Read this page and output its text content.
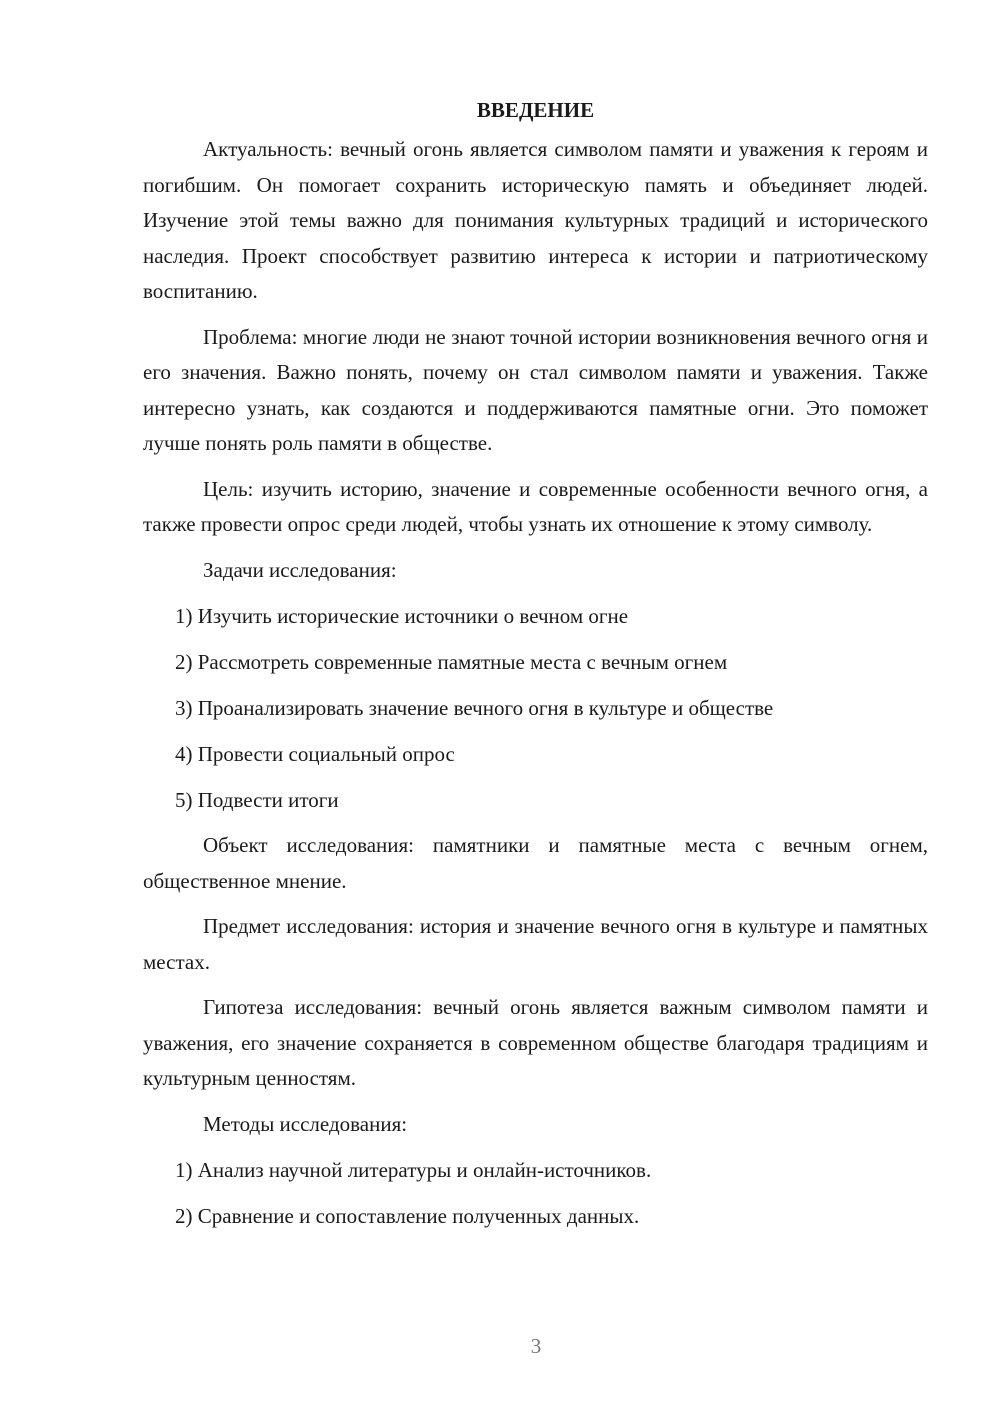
ВВЕДЕНИЕ

Актуальность: вечный огонь является символом памяти и уважения к героям и погибшим. Он помогает сохранить историческую память и объединяет людей. Изучение этой темы важно для понимания культурных традиций и исторического наследия. Проект способствует развитию интереса к истории и патриотическому воспитанию.

Проблема: многие люди не знают точной истории возникновения вечного огня и его значения. Важно понять, почему он стал символом памяти и уважения. Также интересно узнать, как создаются и поддерживаются памятные огни. Это поможет лучше понять роль памяти в обществе.

Цель: изучить историю, значение и современные особенности вечного огня, а также провести опрос среди людей, чтобы узнать их отношение к этому символу.

Задачи исследования:

1) Изучить исторические источники о вечном огне
2) Рассмотреть современные памятные места с вечным огнем
3) Проанализировать значение вечного огня в культуре и обществе
4) Провести социальный опрос
5) Подвести итоги

Объект исследования: памятники и памятные места с вечным огнем, общественное мнение.

Предмет исследования: история и значение вечного огня в культуре и памятных местах.

Гипотеза исследования: вечный огонь является важным символом памяти и уважения, его значение сохраняется в современном обществе благодаря традициям и культурным ценностям.

Методы исследования:

1) Анализ научной литературы и онлайн-источников.
2) Сравнение и сопоставление полученных данных.
3
